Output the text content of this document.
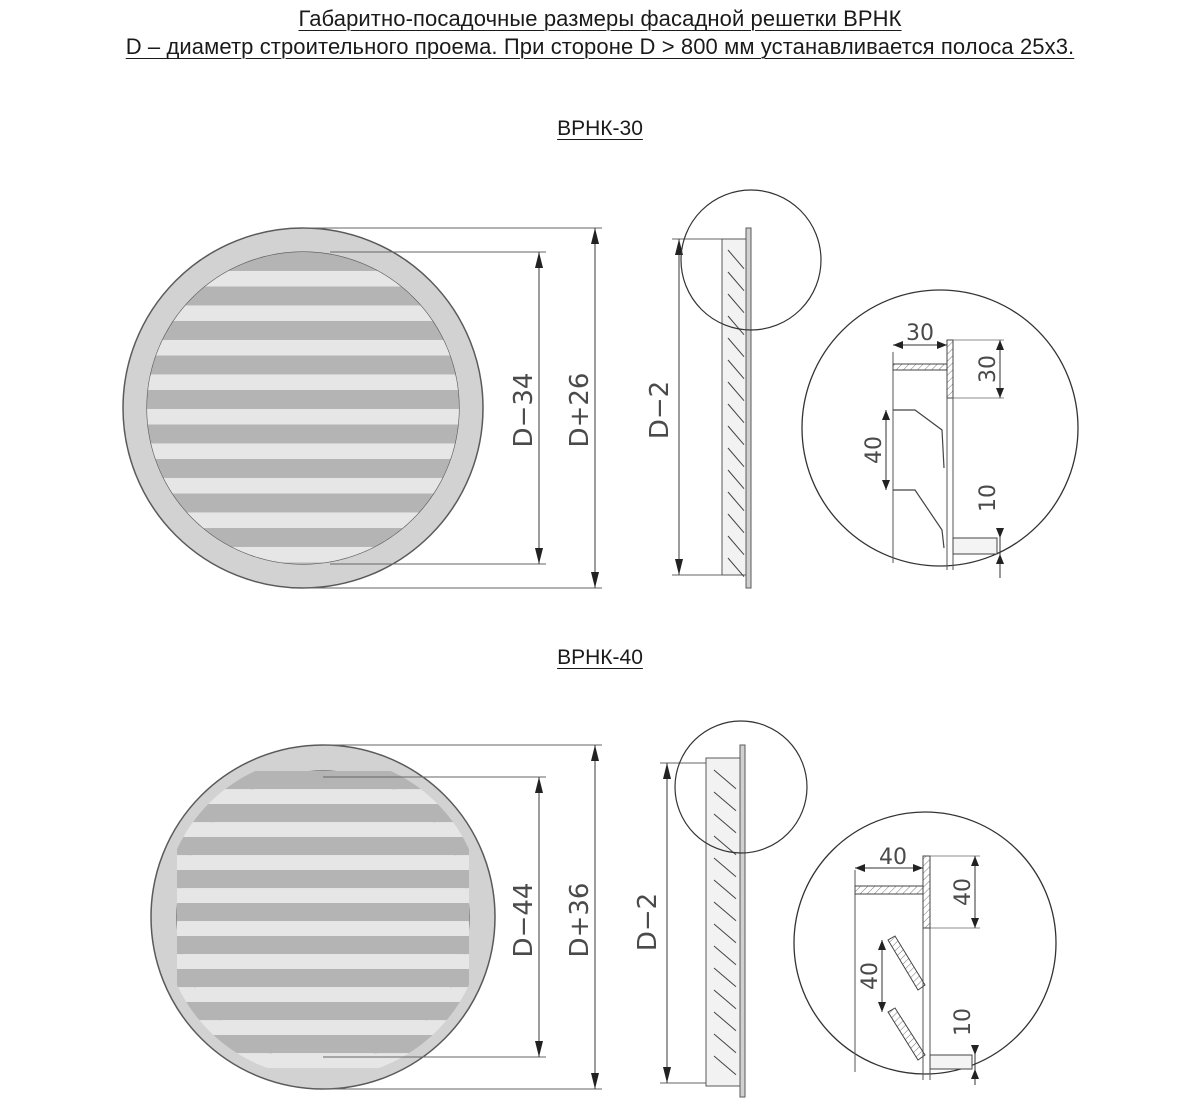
Габаритно-посадочные размеры фасадной решетки ВРНК
D – диаметр строительного проема. При стороне D > 800 мм устанавливается полоса 25x3.
ВРНК-30
ВРНК-40
D−34 D+26 D−2
30
30
40
10
D−44 D+36 D−2
40
40
40
10
